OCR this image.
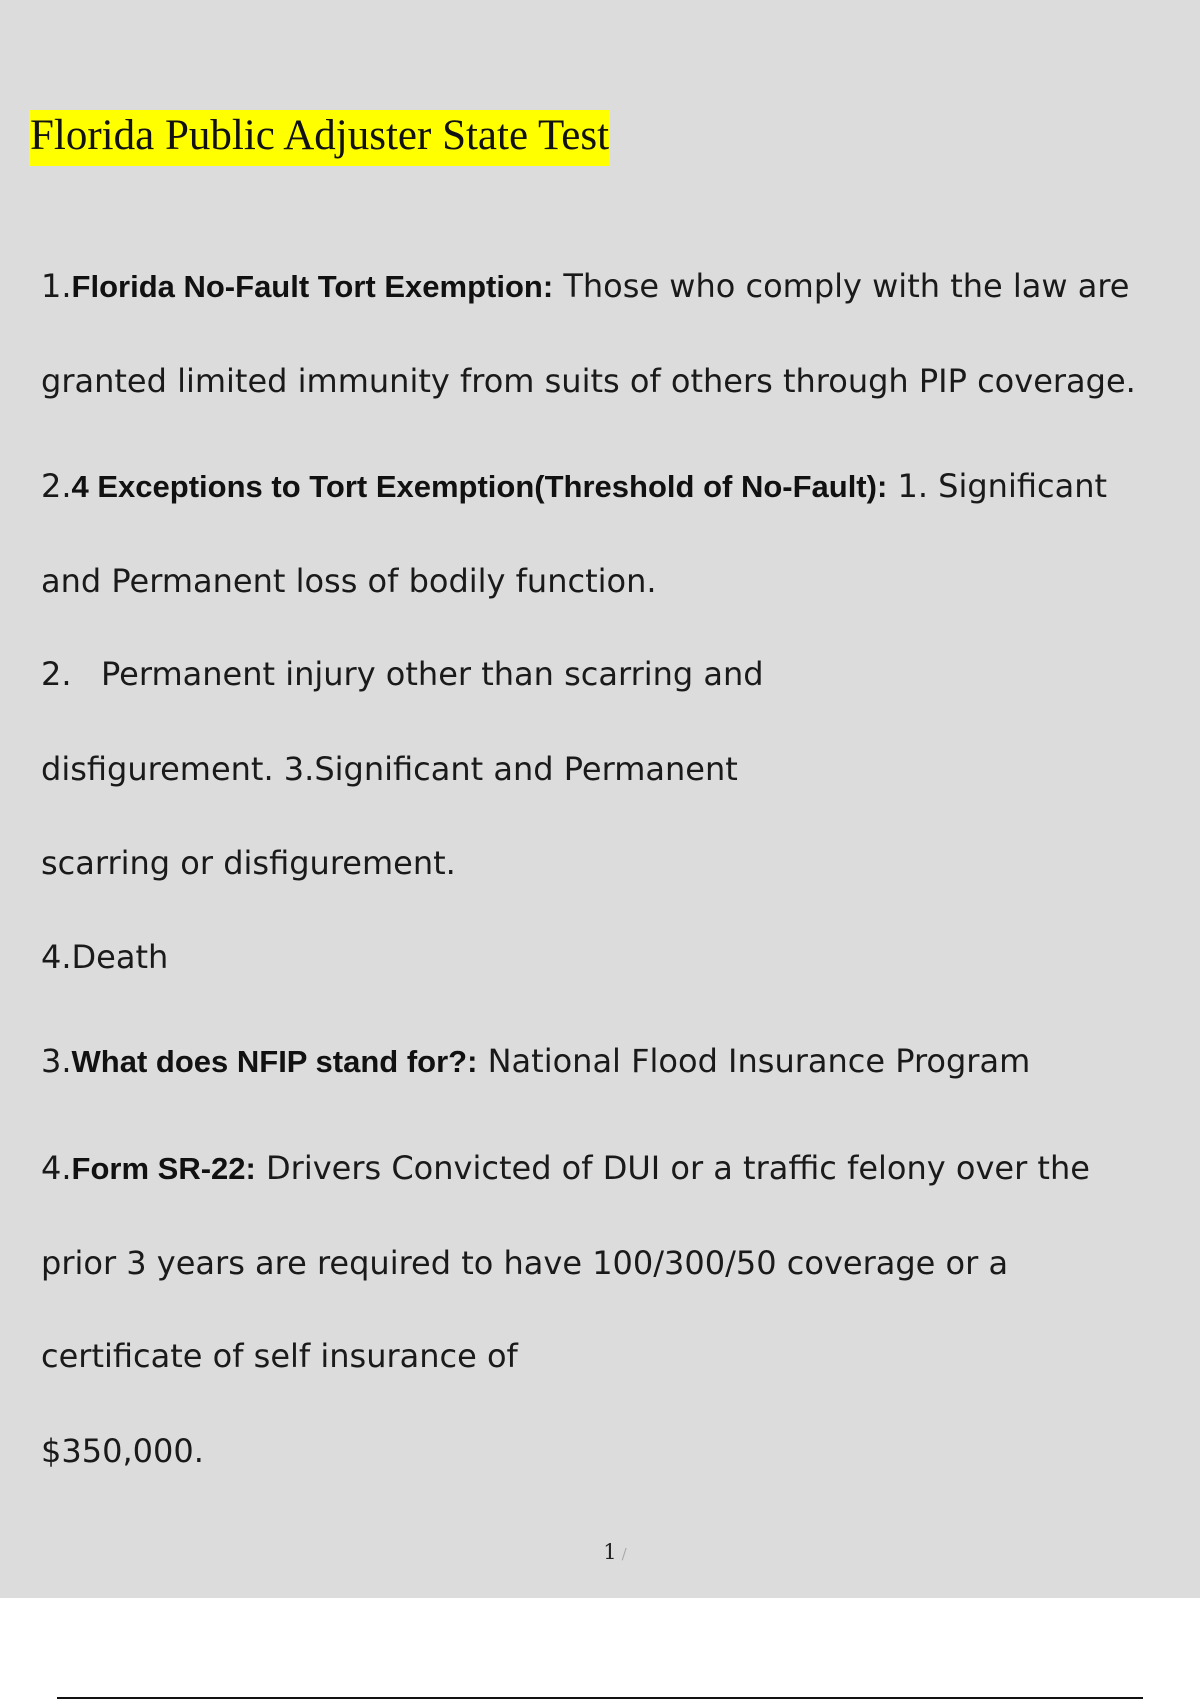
Florida Public Adjuster State Test
1.Florida No-Fault Tort Exemption: Those who comply with the law are
granted limited immunity from suits of others through PIP coverage.
2.4 Exceptions to Tort Exemption(Threshold of No-Fault): 1. Significant
and Permanent loss of bodily function.
2. Permanent injury other than scarring and
disfigurement. 3.Significant and Permanent
scarring or disfigurement.
4.Death
3.What does NFIP stand for?: National Flood Insurance Program
4.Form SR-22: Drivers Convicted of DUI or a traffic felony over the
prior 3 years are required to have 100/300/50 coverage or a
certificate of self insurance of
$350,000.
1 /
